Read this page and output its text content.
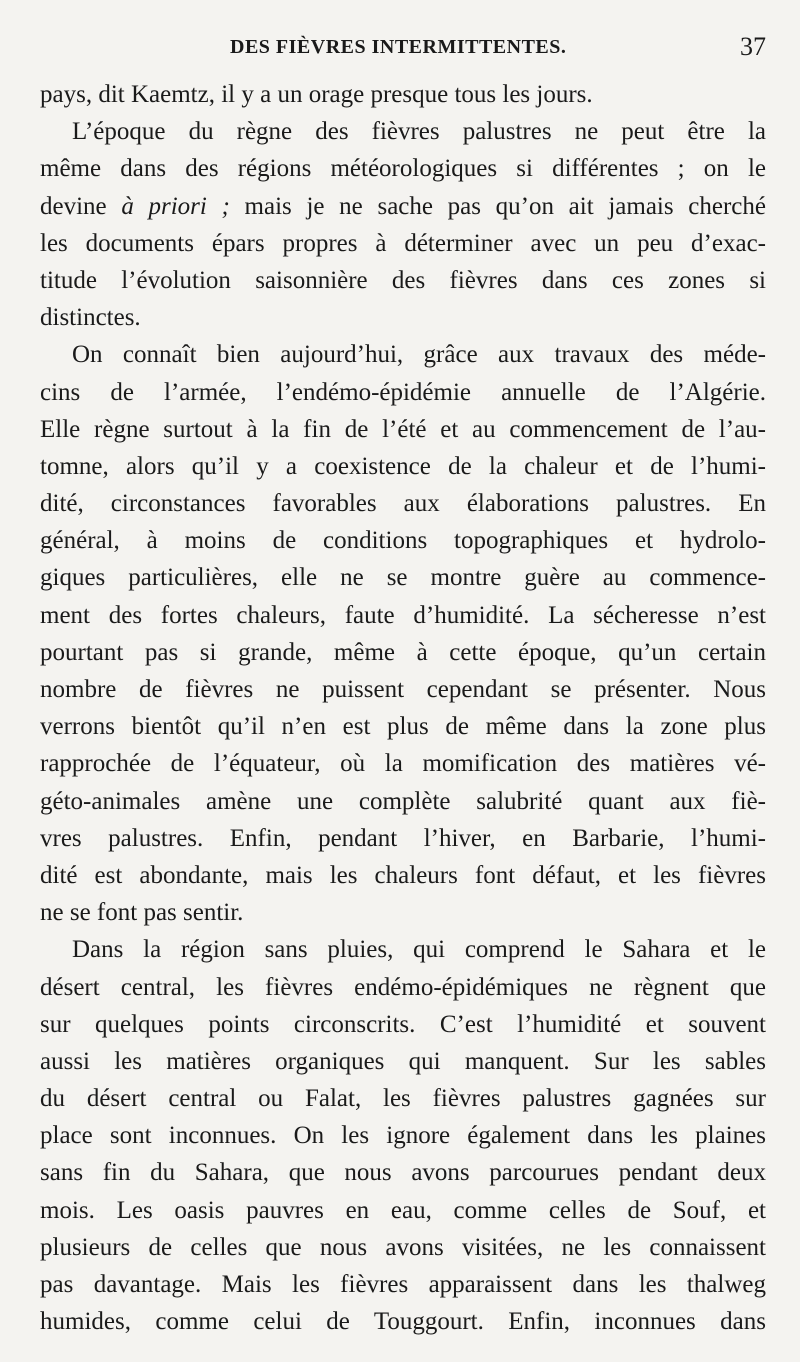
DES FIÈVRES INTERMITTENTES.	37
pays, dit Kaemtz, il y a un orage presque tous les jours.
L’époque du règne des fièvres palustres ne peut être la
même dans des régions météorologiques si différentes ; on le
devine à priori ; mais je ne sache pas qu’on ait jamais cherché
les documents épars propres à déterminer avec un peu d’exac-
titude l’évolution saisonnière des fièvres dans ces zones si
distinctes.
On connaît bien aujourd’hui, grâce aux travaux des méde-
cins de l’armée, l’endémo-épidémie annuelle de l’Algérie.
Elle règne surtout à la fin de l’été et au commencement de l’au-
tomne, alors qu’il y a coexistence de la chaleur et de l’humi-
dité, circonstances favorables aux élaborations palustres. En
général, à moins de conditions topographiques et hydrolo-
giques particulières, elle ne se montre guère au commence-
ment des fortes chaleurs, faute d’humidité. La sécheresse n’est
pourtant pas si grande, même à cette époque, qu’un certain
nombre de fièvres ne puissent cependant se présenter. Nous
verrons bientôt qu’il n’en est plus de même dans la zone plus
rapprochée de l’équateur, où la momification des matières vé-
géto-animales amène une complète salubrité quant aux fiè-
vres palustres. Enfin, pendant l’hiver, en Barbarie, l’humi-
dité est abondante, mais les chaleurs font défaut, et les fièvres
ne se font pas sentir.
Dans la région sans pluies, qui comprend le Sahara et le
désert central, les fièvres endémo-épidémiques ne règnent que
sur quelques points circonscrits. C’est l’humidité et souvent
aussi les matières organiques qui manquent. Sur les sables
du désert central ou Falat, les fièvres palustres gagnées sur
place sont inconnues. On les ignore également dans les plaines
sans fin du Sahara, que nous avons parcourues pendant deux
mois. Les oasis pauvres en eau, comme celles de Souf, et
plusieurs de celles que nous avons visitées, ne les connaissent
pas davantage. Mais les fièvres apparaissent dans les thalweg
humides, comme celui de Touggourt. Enfin, inconnues dans
